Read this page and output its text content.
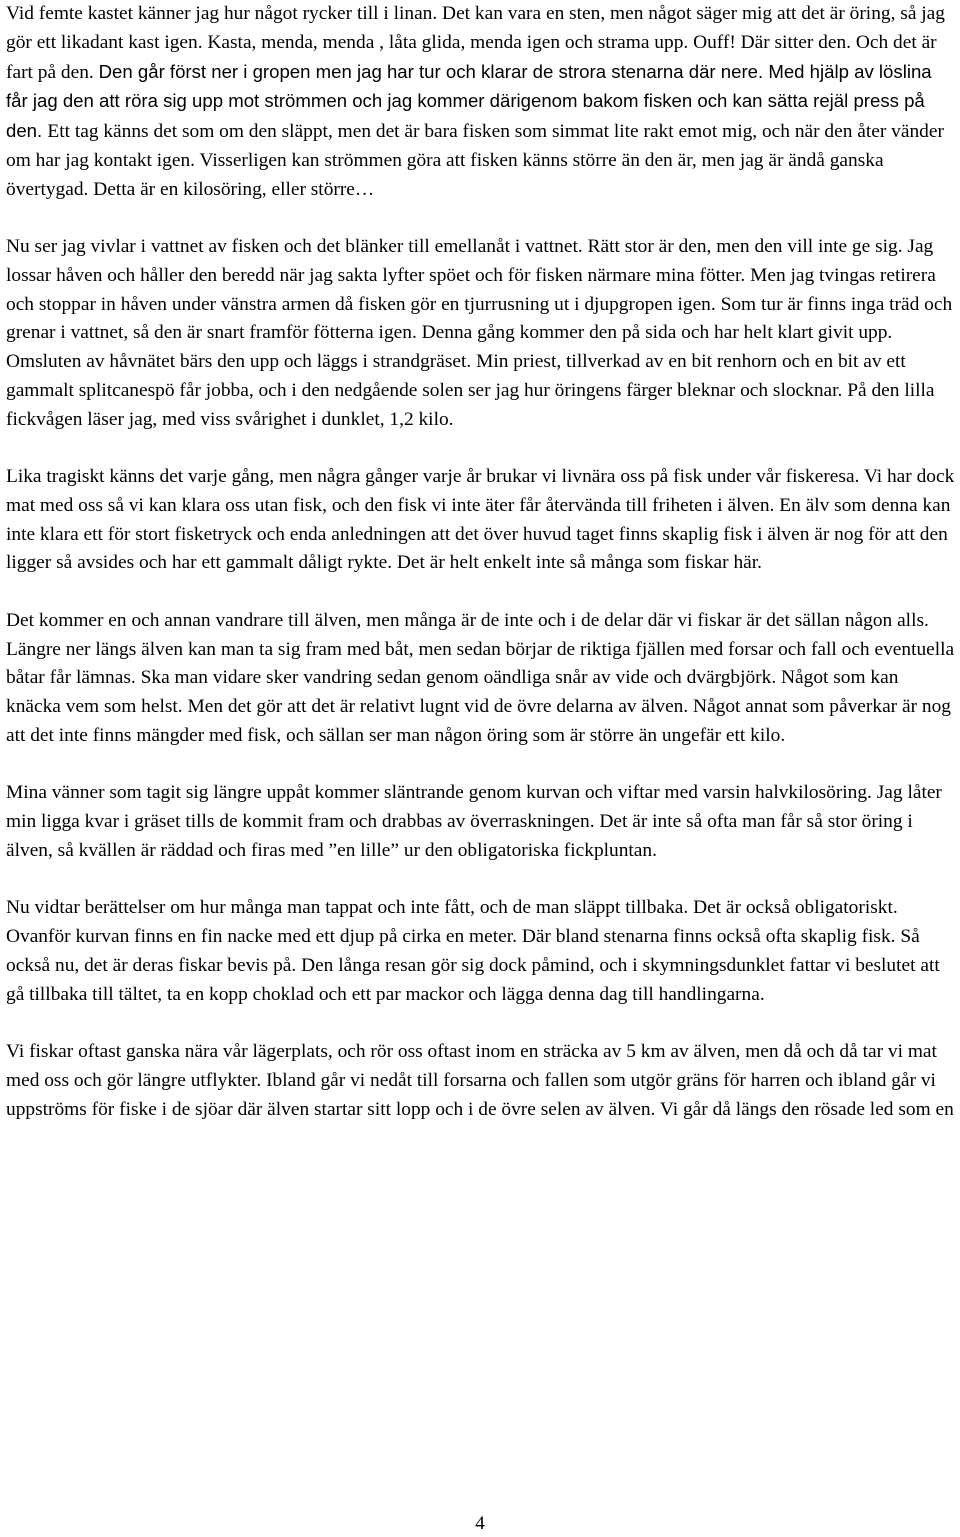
Vid femte kastet känner jag hur något rycker till i linan. Det kan vara en sten, men något säger mig att det är öring, så jag gör ett likadant kast igen. Kasta, menda, menda , låta glida, menda igen och strama upp. Ouff! Där sitter den. Och det är fart på den. Den går först ner i gropen men jag har tur och klarar de strora stenarna där nere. Med hjälp av löslina får jag den att röra sig upp mot strömmen och jag kommer därigenom bakom fisken och kan sätta rejäl press på den. Ett tag känns det som om den släppt, men det är bara fisken som simmat lite rakt emot mig, och när den åter vänder om har jag kontakt igen. Visserligen kan strömmen göra att fisken känns större än den är, men jag är ändå ganska övertygad. Detta är en kilosöring, eller större…

Nu ser jag vivlar i vattnet av fisken och det blänker till emellanåt i vattnet. Rätt stor är den, men den vill inte ge sig. Jag lossar håven och håller den beredd när jag sakta lyfter spöet och för fisken närmare mina fötter. Men jag tvingas retirera och stoppar in håven under vänstra armen då fisken gör en tjurrusning ut i djupgropen igen. Som tur är finns inga träd och grenar i vattnet, så den är snart framför fötterna igen. Denna gång kommer den på sida och har helt klart givit upp. Omsluten av håvnätet bärs den upp och läggs i strandgräset. Min priest, tillverkad av en bit renhorn och en bit av ett gammalt splitcanespö får jobba, och i den nedgående solen ser jag hur öringens färger bleknar och slocknar. På den lilla fickvågen läser jag, med viss svårighet i dunklet, 1,2 kilo.

Lika tragiskt känns det varje gång, men några gånger varje år brukar vi livnära oss på fisk under vår fiskeresa. Vi har dock mat med oss så vi kan klara oss utan fisk, och den fisk vi inte äter får återvända till friheten i älven. En älv som denna kan inte klara ett för stort fisketryck och enda anledningen att det över huvud taget finns skaplig fisk i älven är nog för att den ligger så avsides och har ett gammalt dåligt rykte. Det är helt enkelt inte så många som fiskar här.

Det kommer en och annan vandrare till älven, men många är de inte och i de delar där vi fiskar är det sällan någon alls. Längre ner längs älven kan man ta sig fram med båt, men sedan börjar de riktiga fjällen med forsar och fall och eventuella båtar får lämnas. Ska man vidare sker vandring sedan genom oändliga snår av vide och dvärgbjörk. Något som kan knäcka vem som helst. Men det gör att det är relativt lugnt vid de övre delarna av älven. Något annat som påverkar är nog att det inte finns mängder med fisk, och sällan ser man någon öring som är större än ungefär ett kilo.

Mina vänner som tagit sig längre uppåt kommer släntrande genom kurvan och viftar med varsin halvkilosöring. Jag låter min ligga kvar i gräset tills de kommit fram och drabbas av överraskningen. Det är inte så ofta man får så stor öring i älven, så kvällen är räddad och firas med ”en lille” ur den obligatoriska fickpluntan.

Nu vidtar berättelser om hur många man tappat och inte fått, och de man släppt tillbaka. Det är också obligatoriskt. Ovanför kurvan finns en fin nacke med ett djup på cirka en meter. Där bland stenarna finns också ofta skaplig fisk. Så också nu, det är deras fiskar bevis på. Den långa resan gör sig dock påmind, och i skymningsdunklet fattar vi beslutet att gå tillbaka till tältet, ta en kopp choklad och ett par mackor och lägga denna dag till handlingarna.

Vi fiskar oftast ganska nära vår lägerplats, och rör oss oftast inom en sträcka av 5 km av älven, men då och då tar vi mat med oss och gör längre utflykter. Ibland går vi nedåt till forsarna och fallen som utgör gräns för harren och ibland går vi uppströms för fiske i de sjöar där älven startar sitt lopp och i de övre selen av älven. Vi går då längs den rösade led som en

4
